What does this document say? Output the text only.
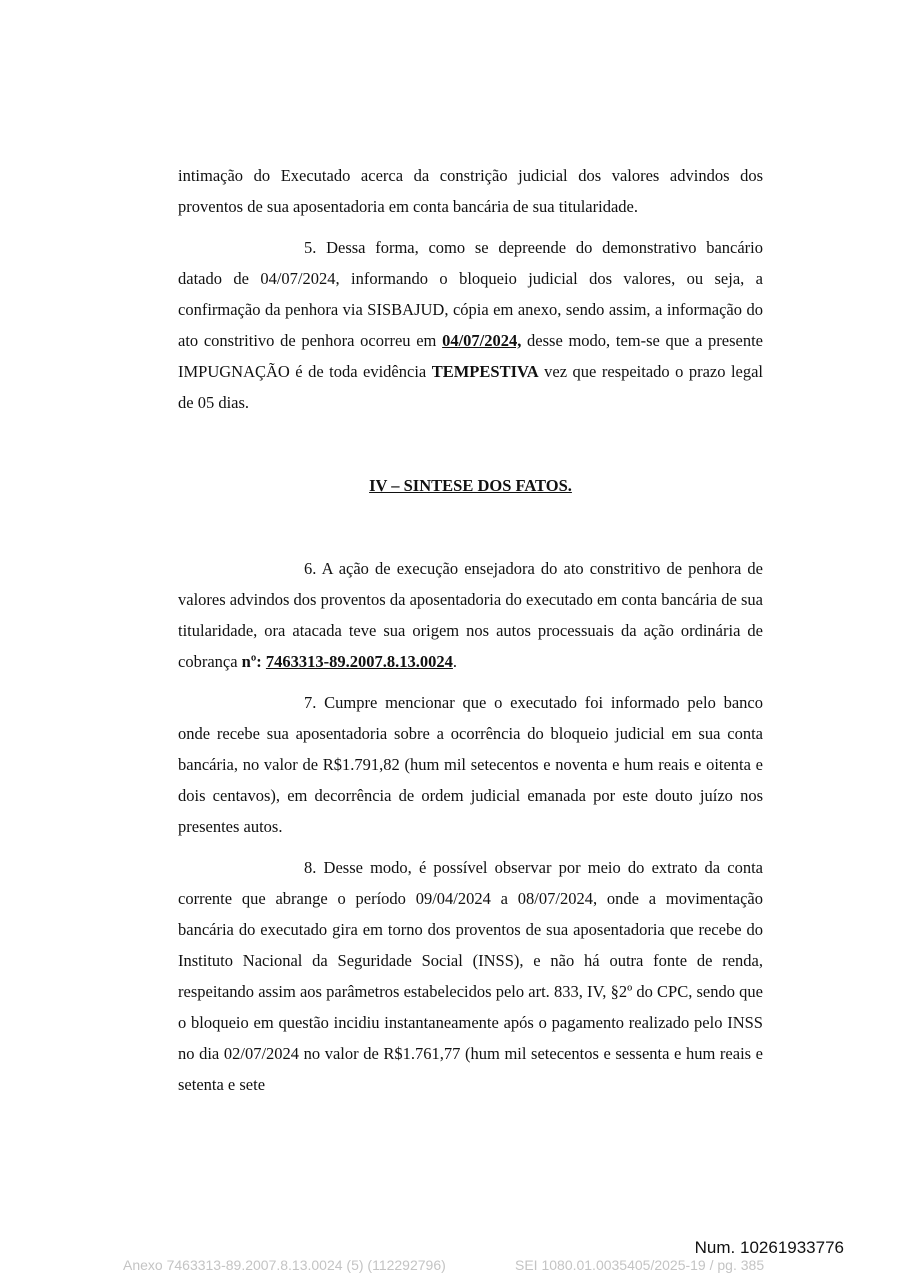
intimação do Executado acerca da constrição judicial dos valores advindos dos proventos de sua aposentadoria em conta bancária de sua titularidade.

5. Dessa forma, como se depreende do demonstrativo bancário datado de 04/07/2024, informando o bloqueio judicial dos valores, ou seja, a confirmação da penhora via SISBAJUD, cópia em anexo, sendo assim, a informação do ato constritivo de penhora ocorreu em 04/07/2024, desse modo, tem-se que a presente IMPUGNAÇÃO é de toda evidência TEMPESTIVA vez que respeitado o prazo legal de 05 dias.

IV – SINTESE DOS FATOS.

6. A ação de execução ensejadora do ato constritivo de penhora de valores advindos dos proventos da aposentadoria do executado em conta bancária de sua titularidade, ora atacada teve sua origem nos autos processuais da ação ordinária de cobrança nº: 7463313-89.2007.8.13.0024.

7. Cumpre mencionar que o executado foi informado pelo banco onde recebe sua aposentadoria sobre a ocorrência do bloqueio judicial em sua conta bancária, no valor de R$1.791,82 (hum mil setecentos e noventa e hum reais e oitenta e dois centavos), em decorrência de ordem judicial emanada por este douto juízo nos presentes autos.

8. Desse modo, é possível observar por meio do extrato da conta corrente que abrange o período 09/04/2024 a 08/07/2024, onde a movimentação bancária do executado gira em torno dos proventos de sua aposentadoria que recebe do Instituto Nacional da Seguridade Social (INSS), e não há outra fonte de renda, respeitando assim aos parâmetros estabelecidos pelo art. 833, IV, §2º do CPC, sendo que o bloqueio em questão incidiu instantaneamente após o pagamento realizado pelo INSS no dia 02/07/2024 no valor de R$1.761,77 (hum mil setecentos e sessenta e hum reais e setenta e sete

Num. 10261933776
Anexo 7463313-89.2007.8.13.0024 (5) (112292796)	SEI 1080.01.0035405/2025-19 / pg. 385
